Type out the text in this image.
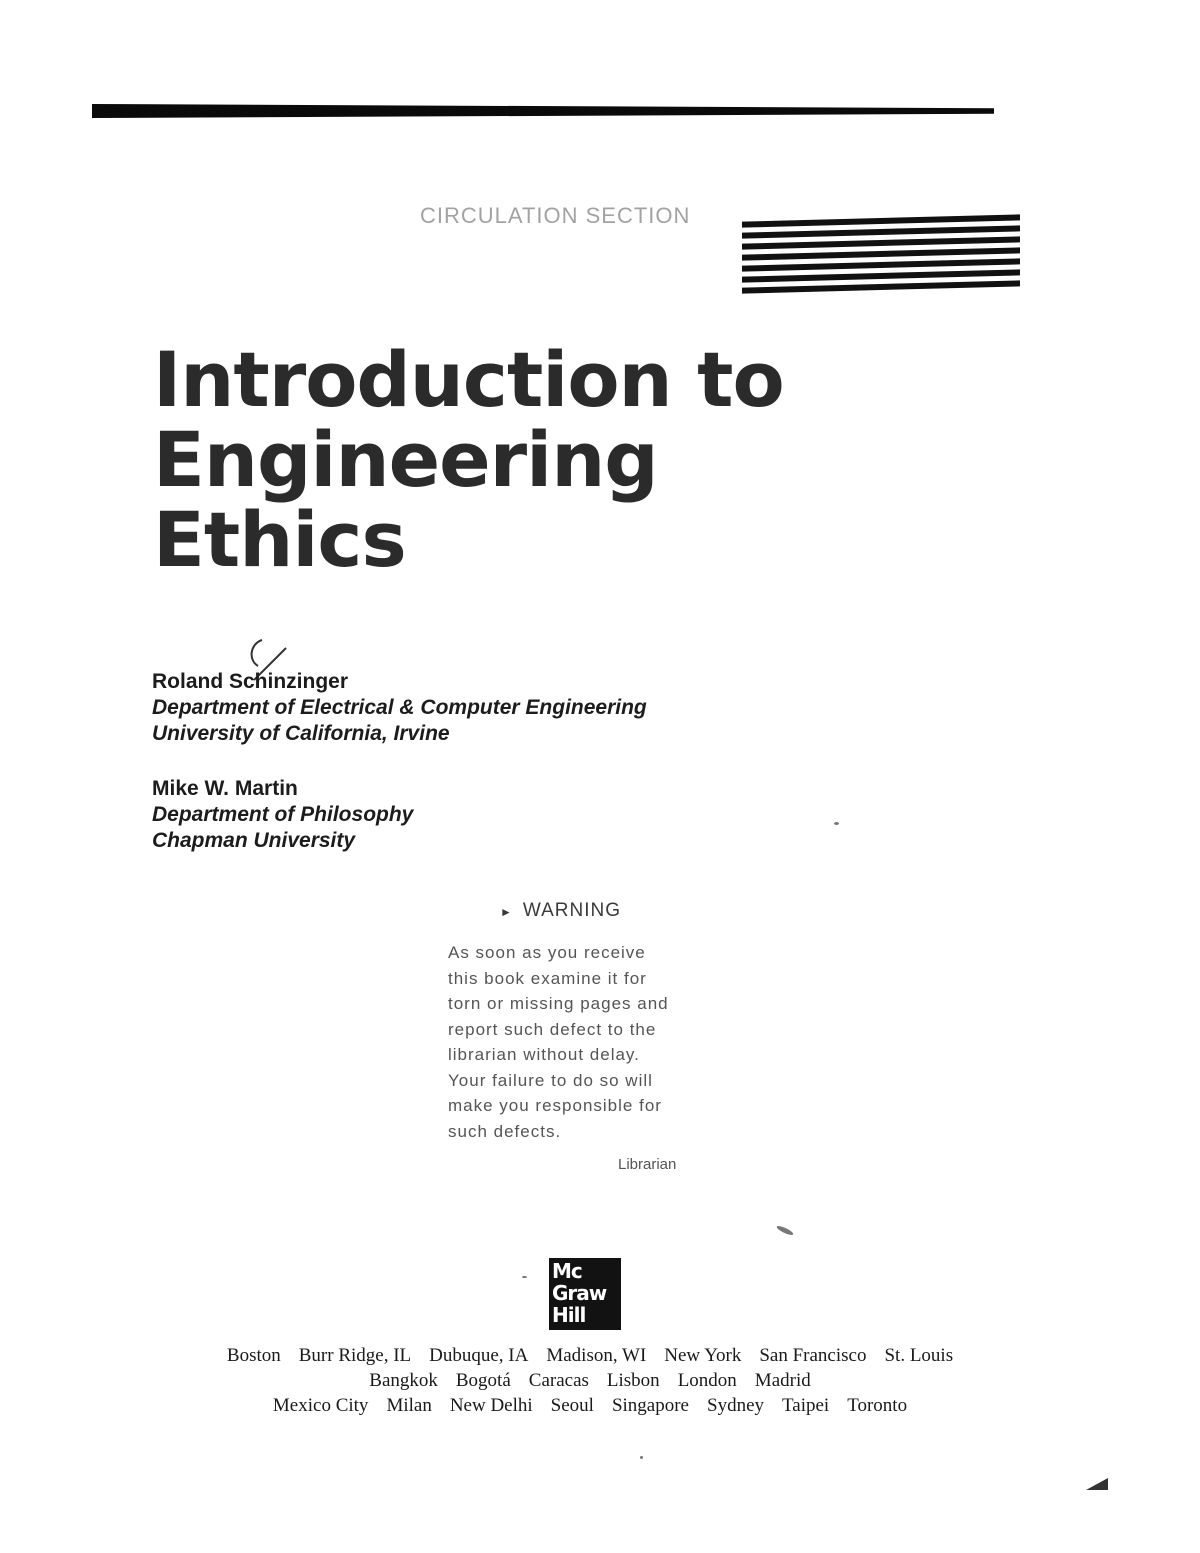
CIRCULATION SECTION
Introduction to
Engineering
Ethics
Roland Schinzinger
Department of Electrical & Computer Engineering
University of California, Irvine
Mike W. Martin
Department of Philosophy
Chapman University
► WARNING
As soon as you receive
this book examine it for
torn or missing pages and
report such defect to the
librarian without delay.
Your failure to do so will
make you responsible for
such defects.
Librarian
Mc
Graw
Hill
Boston Burr Ridge, IL Dubuque, IA Madison, WI New York San Francisco St. Louis
Bangkok Bogotá Caracas Lisbon London Madrid
Mexico City Milan New Delhi Seoul Singapore Sydney Taipei Toronto
